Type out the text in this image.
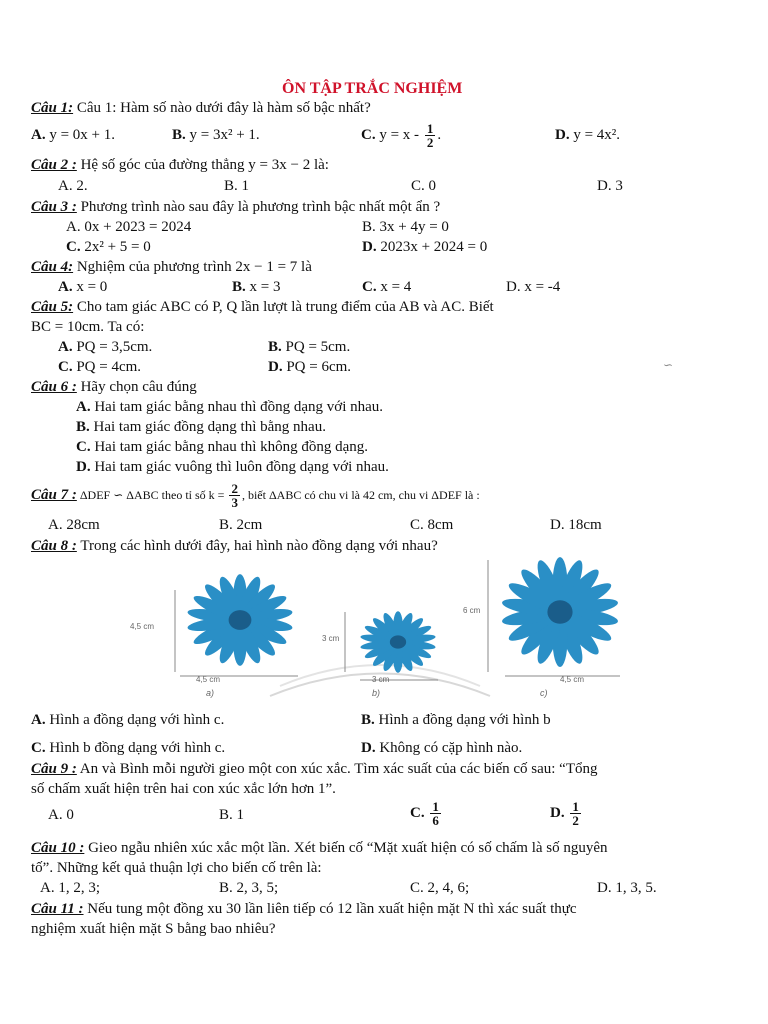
ÔN TẬP TRẮC NGHIỆM
Câu 1: Câu 1: Hàm số nào dưới đây là hàm số bậc nhất?
A. y = 0x + 1.	B. y = 3x² + 1.	C. $y = x - \frac{1}{2}$ .	D. y = 4x².
Câu 2 : Hệ số góc của đường thẳng y = 3x − 2 là:
A. 2.	B. 1	C. 0	D. 3
Câu 3 : Phương trình nào sau đây là phương trình bậc nhất một ẩn ?
A. 0x + 2023 = 2024	B. 3x + 4y = 0
C. 2x² + 5 = 0	D. 2023x + 2024 = 0
Câu 4: Nghiệm của phương trình 2x − 1 = 7 là
A. x = 0	B. x = 3	C. x = 4	D. x = -4
Câu 5: Cho tam giác ABC có P, Q lần lượt là trung điểm của AB và AC. Biết
BC = 10cm. Ta có:
A. PQ = 3,5cm.	B. PQ = 5cm.
C. PQ = 4cm.	D. PQ = 6cm.	∽
Câu 6 : Hãy chọn câu đúng
A. Hai tam giác bằng nhau thì đồng dạng với nhau.
B. Hai tam giác đồng dạng thì bằng nhau.
C. Hai tam giác bằng nhau thì không đồng dạng.
D. Hai tam giác vuông thì luôn đồng dạng với nhau.
Câu 7 : ΔDEF ∽ ΔABC theo tỉ số $k = \frac{2}{3}$ , biết ΔABC có chu vi là 42 cm, chu vi ΔDEF là :
A. 28cm	B. 2cm	C. 8cm	D. 18cm
Câu 8 : Trong các hình dưới đây, hai hình nào đồng dạng với nhau?
4,5 cm
4,5 cm
a)
3 cm
3 cm
b)
6 cm
4,5 cm
c)
A. Hình a đồng dạng với hình c.	B. Hình a đồng dạng với hình b
C. Hình b đồng dạng với hình c.	D. Không có cặp hình nào.
Câu 9 : An và Bình mỗi người gieo một con xúc xắc. Tìm xác suất của các biến cố sau: “Tổng
số chấm xuất hiện trên hai con xúc xắc lớn hơn 1”.
A. 0	B. 1	C. $\frac{1}{6}$	D. $\frac{1}{2}$
Câu 10 : Gieo ngẫu nhiên xúc xắc một lần. Xét biến cố “Mặt xuất hiện có số chấm là số nguyên
tố”. Những kết quả thuận lợi cho biến cố trên là:
A. 1, 2, 3;	B. 2, 3, 5;	C. 2, 4, 6;	D. 1, 3, 5.
Câu 11 : Nếu tung một đồng xu 30 lần liên tiếp có 12 lần xuất hiện mặt N thì xác suất thực
nghiệm xuất hiện mặt S bằng bao nhiêu?
